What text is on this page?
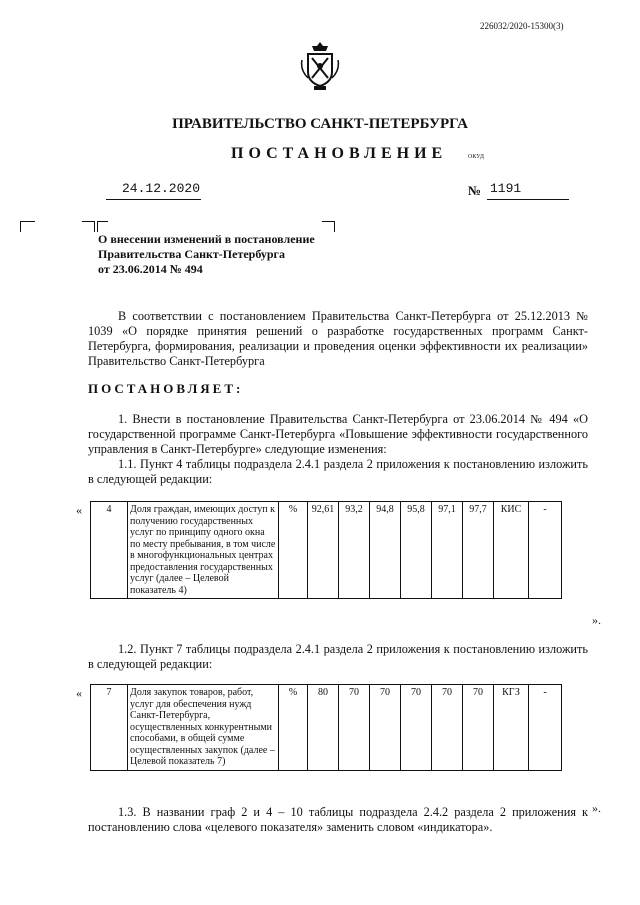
226032/2020-15300(3)
ПРАВИТЕЛЬСТВО САНКТ-ПЕТЕРБУРГА
ПОСТАНОВЛЕНИЕ	ОКУД
24.12.2020	№ 1191
О внесении изменений в постановление
Правительства Санкт-Петербурга
от 23.06.2014 № 494
В соответствии с постановлением Правительства Санкт-Петербурга от 25.12.2013 № 1039 «О порядке принятия решений о разработке государственных программ Санкт-Петербурга, формирования, реализации и проведения оценки эффективности их реализации» Правительство Санкт-Петербурга
ПОСТАНОВЛЯЕТ:
1. Внести в постановление Правительства Санкт-Петербурга от 23.06.2014 № 494 «О государственной программе Санкт-Петербурга «Повышение эффективности государственного управления в Санкт-Петербурге» следующие изменения:
1.1. Пункт 4 таблицы подраздела 2.4.1 раздела 2 приложения к постановлению изложить в следующей редакции:
« 4	Доля граждан, имеющих доступ к получению государственных услуг по принципу одного окна по месту пребывания, в том числе в многофункциональных центрах предоставления государственных услуг (далее – Целевой показатель 4)	%	92,61	93,2	94,8	95,8	97,1	97,7	КИС	-
».
1.2. Пункт 7 таблицы подраздела 2.4.1 раздела 2 приложения к постановлению изложить в следующей редакции:
« 7	Доля закупок товаров, работ, услуг для обеспечения нужд Санкт-Петербурга, осуществленных конкурентными способами, в общей сумме осуществленных закупок (далее – Целевой показатель 7)	%	80	70	70	70	70	70	КГЗ	-
».
1.3. В названии граф 2 и 4 – 10 таблицы подраздела 2.4.2 раздела 2 приложения к постановлению слова «целевого показателя» заменить словом «индикатора».
